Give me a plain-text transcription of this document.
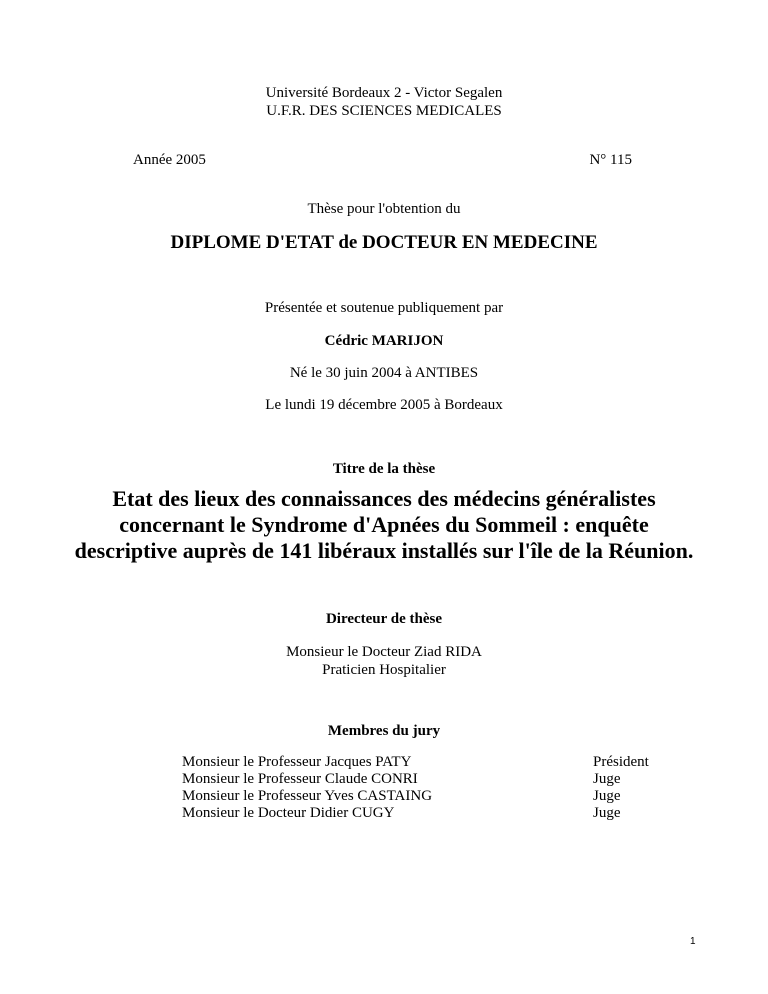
Université Bordeaux 2 - Victor Segalen
U.F.R. DES SCIENCES MEDICALES
Année 2005	N° 115
Thèse pour l'obtention du
DIPLOME D'ETAT de DOCTEUR EN MEDECINE
Présentée et soutenue publiquement par
Cédric MARIJON
Né le 30 juin 2004 à ANTIBES
Le lundi 19 décembre 2005 à Bordeaux
Titre de la thèse
Etat des lieux des connaissances des médecins généralistes
concernant le Syndrome d'Apnées du Sommeil : enquête
descriptive auprès de 141 libéraux installés sur l'île de la Réunion.
Directeur de thèse
Monsieur le Docteur Ziad RIDA
Praticien Hospitalier
Membres du jury
Monsieur le Professeur Jacques PATY
Monsieur le Professeur Claude CONRI
Monsieur le Professeur Yves CASTAING
Monsieur le Docteur Didier CUGY
Président
Juge
Juge
Juge
1
